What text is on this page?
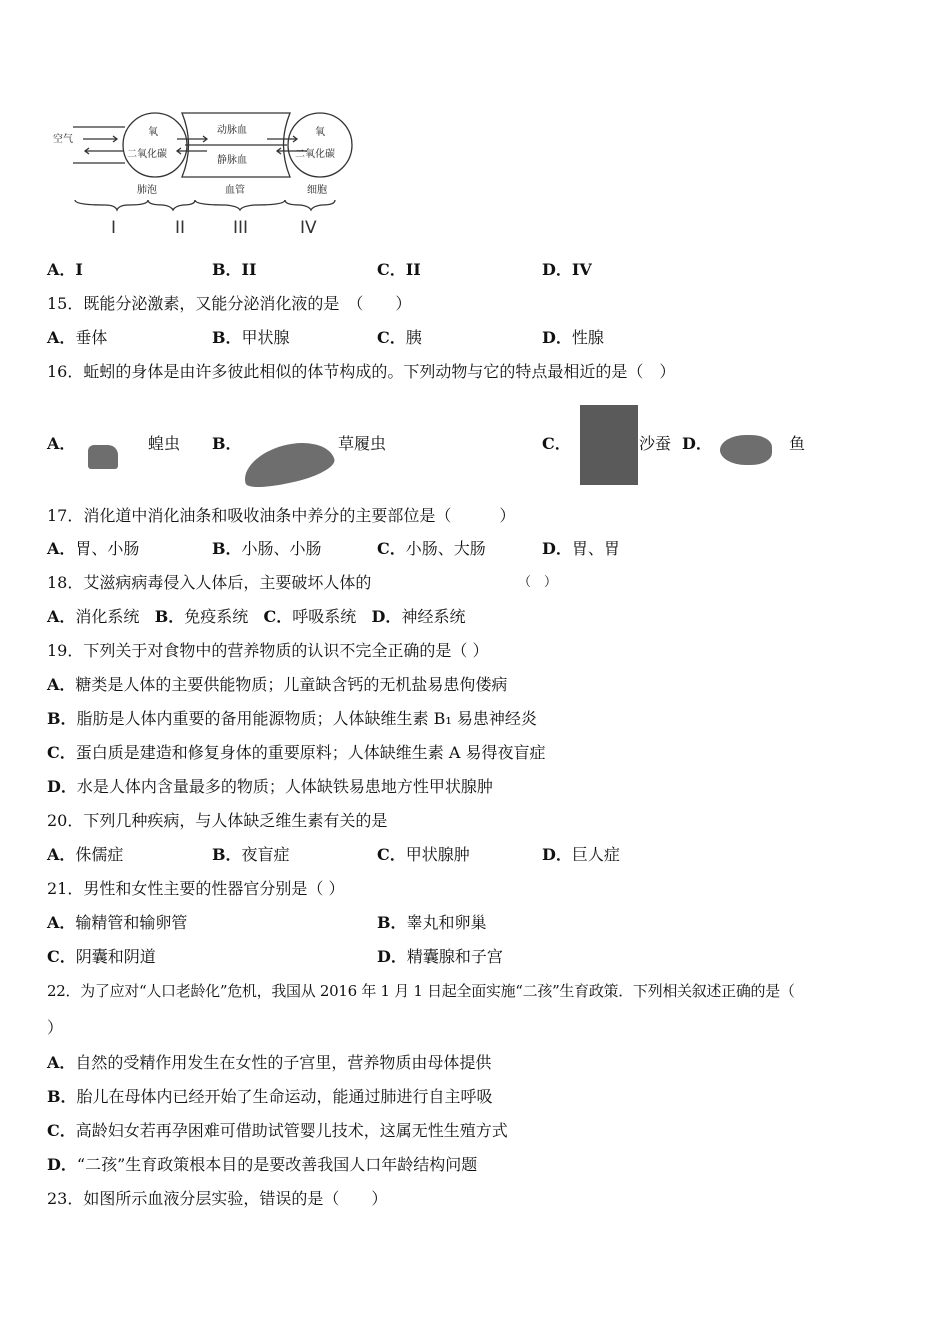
空气
氧
二氧化碳
动脉血
静脉血
氧
二氧化碳
肺泡	血管	细胞
I	II	III	IV
A．I	B．II	C．II	D．IV
15．既能分泌激素，又能分泌消化液的是　（　　）
A．垂体	B．甲状腺	C．胰	D．性腺
16．蚯蚓的身体是由许多彼此相似的体节构成的。下列动物与它的特点最相近的是（　）
A．	蝗虫 B．	草履虫	C．	沙蚕 D．	鱼
17．消化道中消化油条和吸收油条中养分的主要部位是（　　　）
A．胃、小肠	B．小肠、小肠	C．小肠、大肠	D．胃、胃
18．艾滋病病毒侵入人体后，主要破坏人体的	（　）
A．消化系统 B．免疫系统 C．呼吸系统 D．神经系统
19．下列关于对食物中的营养物质的认识不完全正确的是（ ）
A．糖类是人体的主要供能物质；儿童缺含钙的无机盐易患佝偻病
B．脂肪是人体内重要的备用能源物质；人体缺维生素 B₁ 易患神经炎
C．蛋白质是建造和修复身体的重要原料；人体缺维生素 A 易得夜盲症
D．水是人体内含量最多的物质；人体缺铁易患地方性甲状腺肿
20．下列几种疾病，与人体缺乏维生素有关的是
A．侏儒症	B．夜盲症	C．甲状腺肿	D．巨人症
21．男性和女性主要的性器官分别是（ ）
A．输精管和输卵管	B．睾丸和卵巢
C．阴囊和阴道	D．精囊腺和子宫
22．为了应对“人口老龄化”危机，我国从 2016 年 1 月 1 日起全面实施“二孩”生育政策．下列相关叙述正确的是（
）
A．自然的受精作用发生在女性的子宫里，营养物质由母体提供
B．胎儿在母体内已经开始了生命运动，能通过肺进行自主呼吸
C．高龄妇女若再孕困难可借助试管婴儿技术，这属无性生殖方式
D．“二孩”生育政策根本目的是要改善我国人口年龄结构问题
23．如图所示血液分层实验，错误的是（　　）
